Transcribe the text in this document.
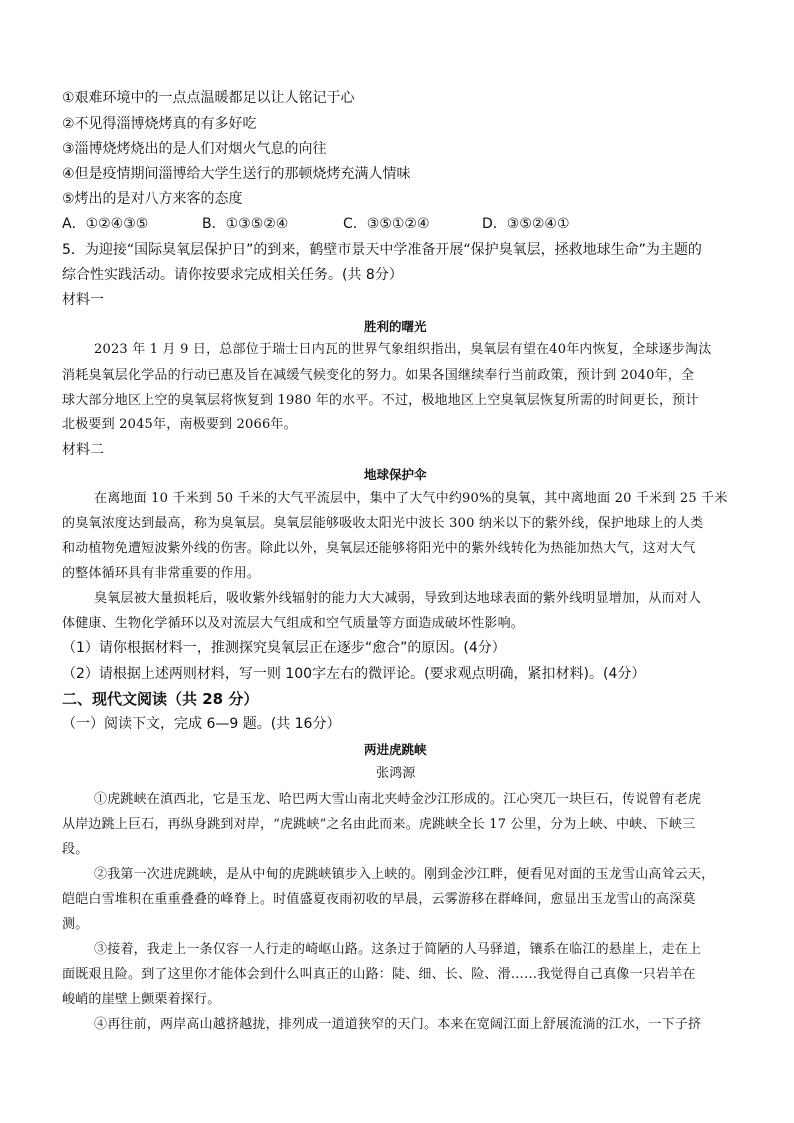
①艰难环境中的一点点温暖都足以让人铭记于心
②不见得淄博烧烤真的有多好吃
③淄博烧烤烧出的是人们对烟火气息的向往
④但是疫情期间淄博给大学生送行的那顿烧烤充满人情味
⑤烤出的是对八方来客的态度
A．①②④③⑤	B．①③⑤②④	C．③⑤①②④	D．③⑤②④①
5．为迎接“国际臭氧层保护日”的到来，鹤壁市景天中学准备开展“保护臭氧层，拯救地球生命”为主题的
综合性实践活动。请你按要求完成相关任务。(共 8分）
材料一
胜利的曙光
2023 年 1 月 9 日，总部位于瑞士日内瓦的世界气象组织指出，臭氧层有望在40年内恢复，全球逐步淘汰
消耗臭氧层化学品的行动已惠及旨在减缓气候变化的努力。如果各国继续奉行当前政策，预计到 2040年，全
球大部分地区上空的臭氧层将恢复到 1980 年的水平。不过，极地地区上空臭氧层恢复所需的时间更长，预计
北极要到 2045年，南极要到 2066年。
材料二
地球保护伞
在离地面 10 千米到 50 千米的大气平流层中，集中了大气中约90%的臭氧，其中离地面 20 千米到 25 千米
的臭氧浓度达到最高，称为臭氧层。臭氧层能够吸收太阳光中波长 300 纳米以下的紫外线，保护地球上的人类
和动植物免遭短波紫外线的伤害。除此以外，臭氧层还能够将阳光中的紫外线转化为热能加热大气，这对大气
的整体循环具有非常重要的作用。
臭氧层被大量损耗后，吸收紫外线辐射的能力大大减弱，导致到达地球表面的紫外线明显增加，从而对人
体健康、生物化学循环以及对流层大气组成和空气质量等方面造成破坏性影响。
（1）请你根据材料一，推测探究臭氧层正在逐步“愈合”的原因。(4分）
（2）请根据上述两则材料，写一则 100字左右的微评论。(要求观点明确，紧扣材料)。(4分）
二、现代文阅读（共 28 分）
（一）阅读下文，完成 6—9 题。(共 16分）
两进虎跳峡
张鸿源
①虎跳峡在滇西北，它是玉龙、哈巴两大雪山南北夹峙金沙江形成的。江心突兀一块巨石，传说曾有老虎
从岸边跳上巨石，再纵身跳到对岸，“虎跳峡”之名由此而来。虎跳峡全长 17 公里，分为上峡、中峡、下峡三
段。
②我第一次进虎跳峡，是从中甸的虎跳峡镇步入上峡的。刚到金沙江畔，便看见对面的玉龙雪山高耸云天，
皑皑白雪堆积在重重叠叠的峰脊上。时值盛夏夜雨初收的早晨，云雾游移在群峰间，愈显出玉龙雪山的高深莫
测。
③接着，我走上一条仅容一人行走的崎岖山路。这条过于简陋的人马驿道，镶系在临江的悬崖上，走在上
面既艰且险。到了这里你才能体会到什么叫真正的山路：陡、细、长、险、滑……我觉得自己真像一只岩羊在
峻峭的崖壁上颤栗着探行。
④再往前，两岸高山越挤越拢，排列成一道道狭窄的天门。本来在宽阔江面上舒展流淌的江水，一下子挤
